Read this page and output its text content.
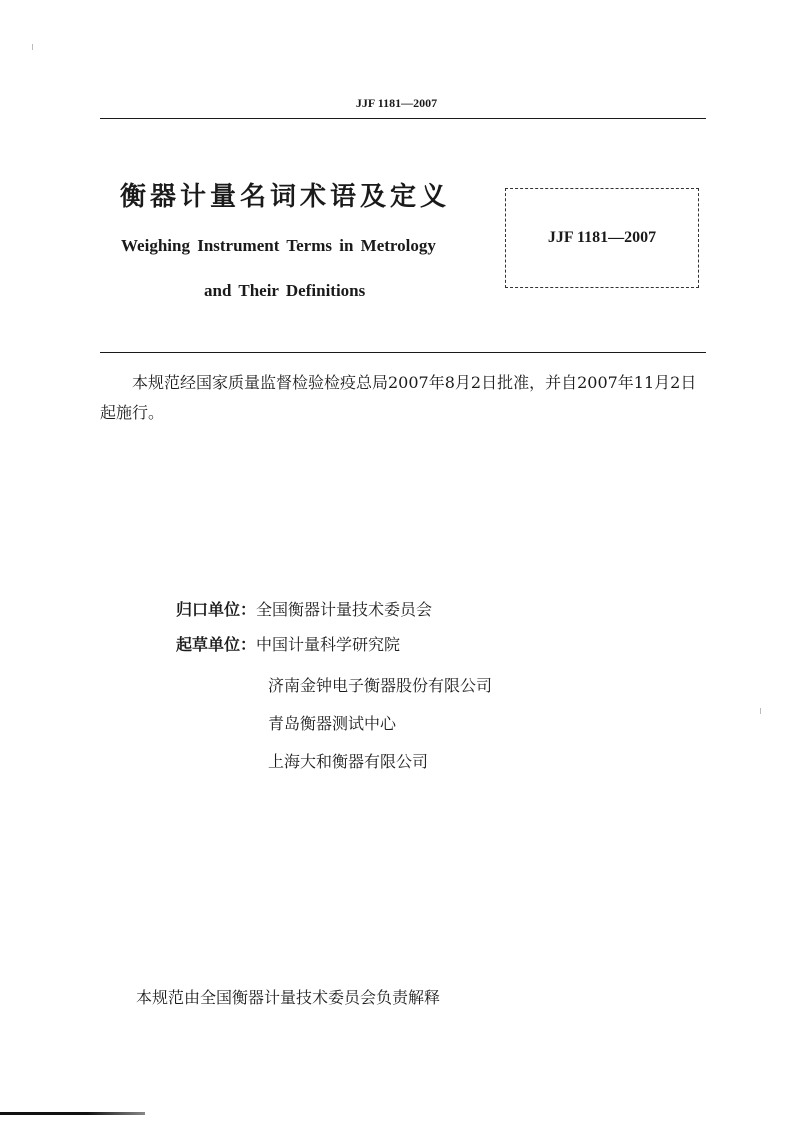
JJF 1181—2007
衡器计量名词术语及定义
Weighing Instrument Terms in Metrology
and Their Definitions
JJF 1181—2007
本规范经国家质量监督检验检疫总局2007年8月2日批准，并自2007年11月2日起施行。
归口单位：全国衡器计量技术委员会
起草单位：中国计量科学研究院
济南金钟电子衡器股份有限公司
青岛衡器测试中心
上海大和衡器有限公司
本规范由全国衡器计量技术委员会负责解释
